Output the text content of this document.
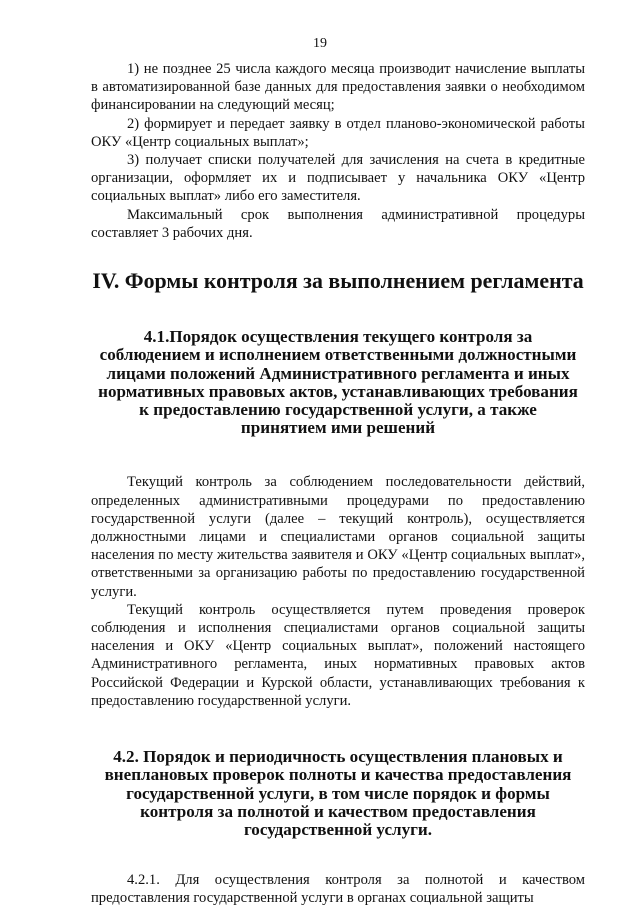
19

1) не позднее 25 числа каждого месяца производит начисление выплаты в автоматизированной базе данных для предоставления заявки о необходимом финансировании на следующий месяц;

2) формирует и передает заявку в отдел планово-экономической работы ОКУ «Центр социальных выплат»;

3) получает списки получателей для зачисления на счета в кредитные организации, оформляет их и подписывает у начальника ОКУ «Центр социальных выплат» либо его заместителя.

Максимальный срок выполнения административной процедуры составляет 3 рабочих дня.

IV. Формы контроля за выполнением регламента
4.1.Порядок осуществления текущего контроля за соблюдением и исполнением ответственными должностными лицами положений Административного регламента и иных нормативных правовых актов, устанавливающих требования к предоставлению государственной услуги, а также принятием ими решений

Текущий контроль за соблюдением последовательности действий, определенных административными процедурами по предоставлению государственной услуги (далее – текущий контроль), осуществляется должностными лицами и специалистами органов социальной защиты населения по месту жительства заявителя и ОКУ «Центр социальных выплат», ответственными за организацию работы по предоставлению государственной услуги.

Текущий контроль осуществляется путем проведения проверок соблюдения и исполнения специалистами органов социальной защиты населения и ОКУ «Центр социальных выплат», положений настоящего Административного регламента, иных нормативных правовых актов Российской Федерации и Курской области, устанавливающих требования к предоставлению государственной услуги.

4.2. Порядок и периодичность осуществления плановых и внеплановых проверок полноты и качества предоставления государственной услуги, в том числе порядок и формы контроля за полнотой и качеством предоставления государственной услуги.

4.2.1. Для осуществления контроля за полнотой и качеством предоставления государственной услуги в органах социальной защиты
